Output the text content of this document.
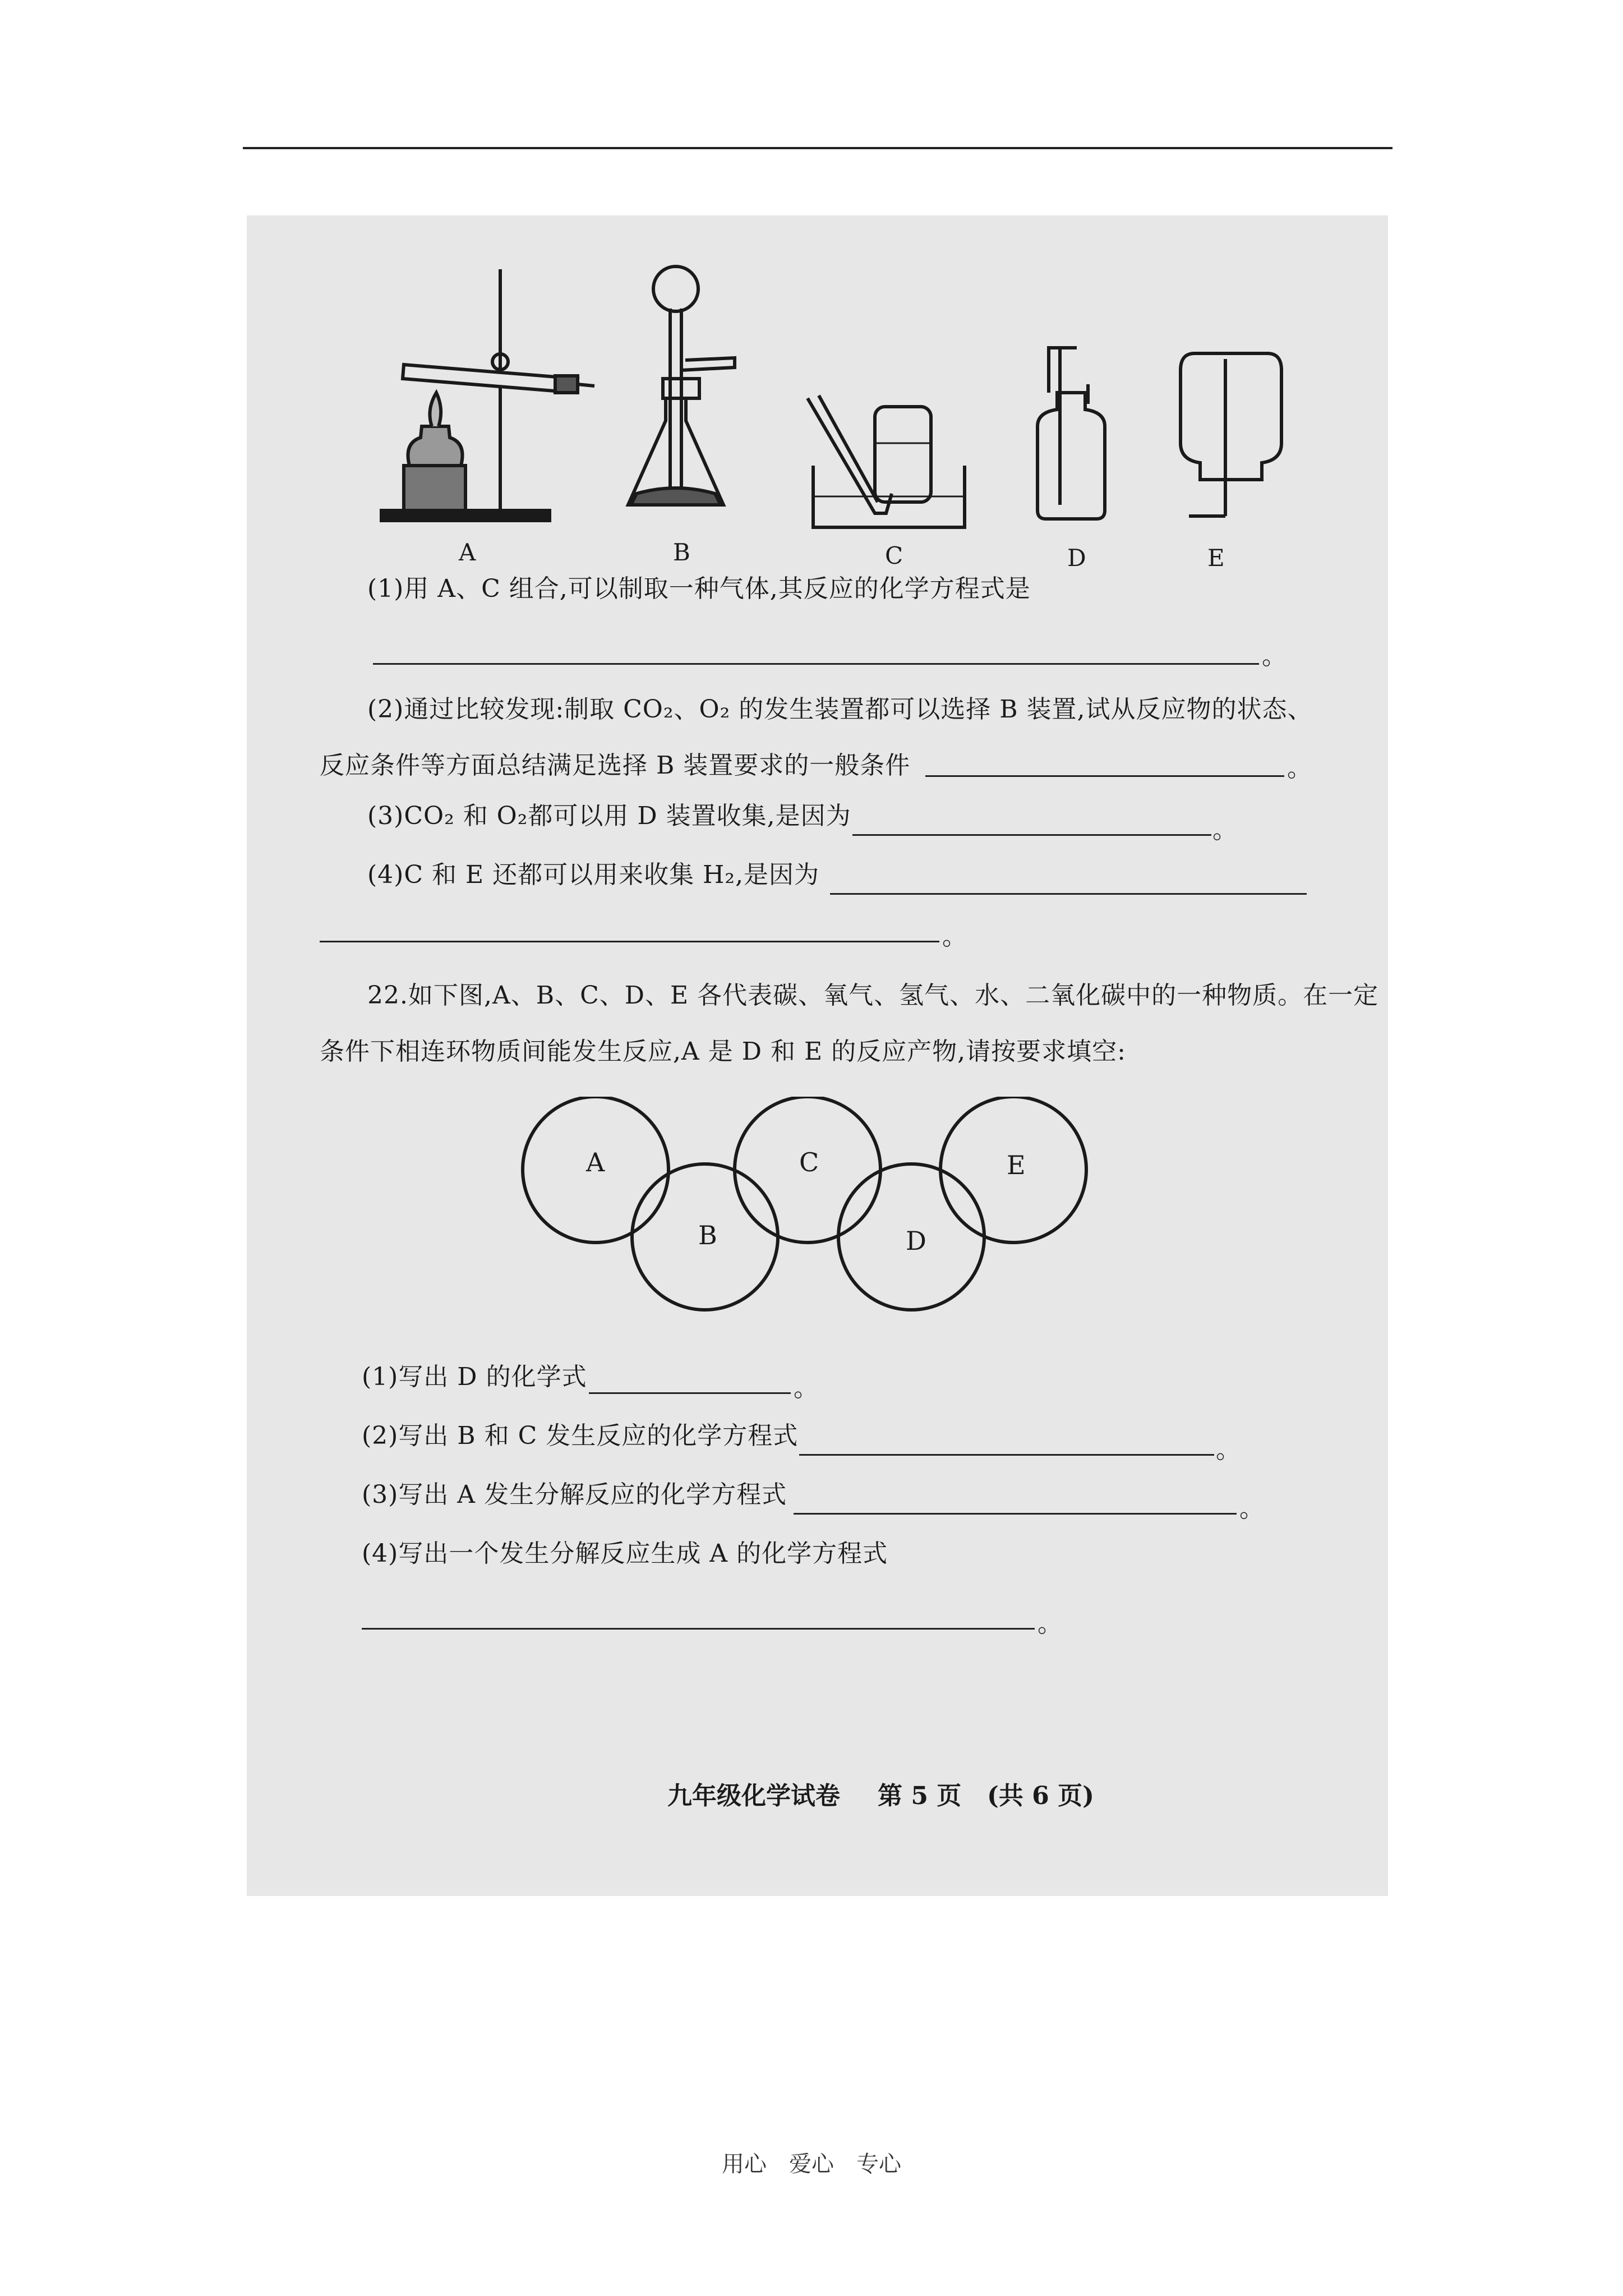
A	B	C	D	E
(1)用 A、C 组合,可以制取一种气体,其反应的化学方程式是
。
(2)通过比较发现:制取 CO₂、O₂ 的发生装置都可以选择 B 装置,试从反应物的状态、
反应条件等方面总结满足选择 B 装置要求的一般条件	。
(3)CO₂ 和 O₂都可以用 D 装置收集,是因为	。
(4)C 和 E 还都可以用来收集 H₂,是因为
。
22.如下图,A、B、C、D、E 各代表碳、氧气、氢气、水、二氧化碳中的一种物质。在一定
条件下相连环物质间能发生反应,A 是 D 和 E 的反应产物,请按要求填空:
A
B
C
D
E
(1)写出 D 的化学式	。
(2)写出 B 和 C 发生反应的化学方程式	。
(3)写出 A 发生分解反应的化学方程式	。
(4)写出一个发生分解反应生成 A 的化学方程式
。
九年级化学试卷 第 5 页 (共 6 页)
用心　爱心　专心
